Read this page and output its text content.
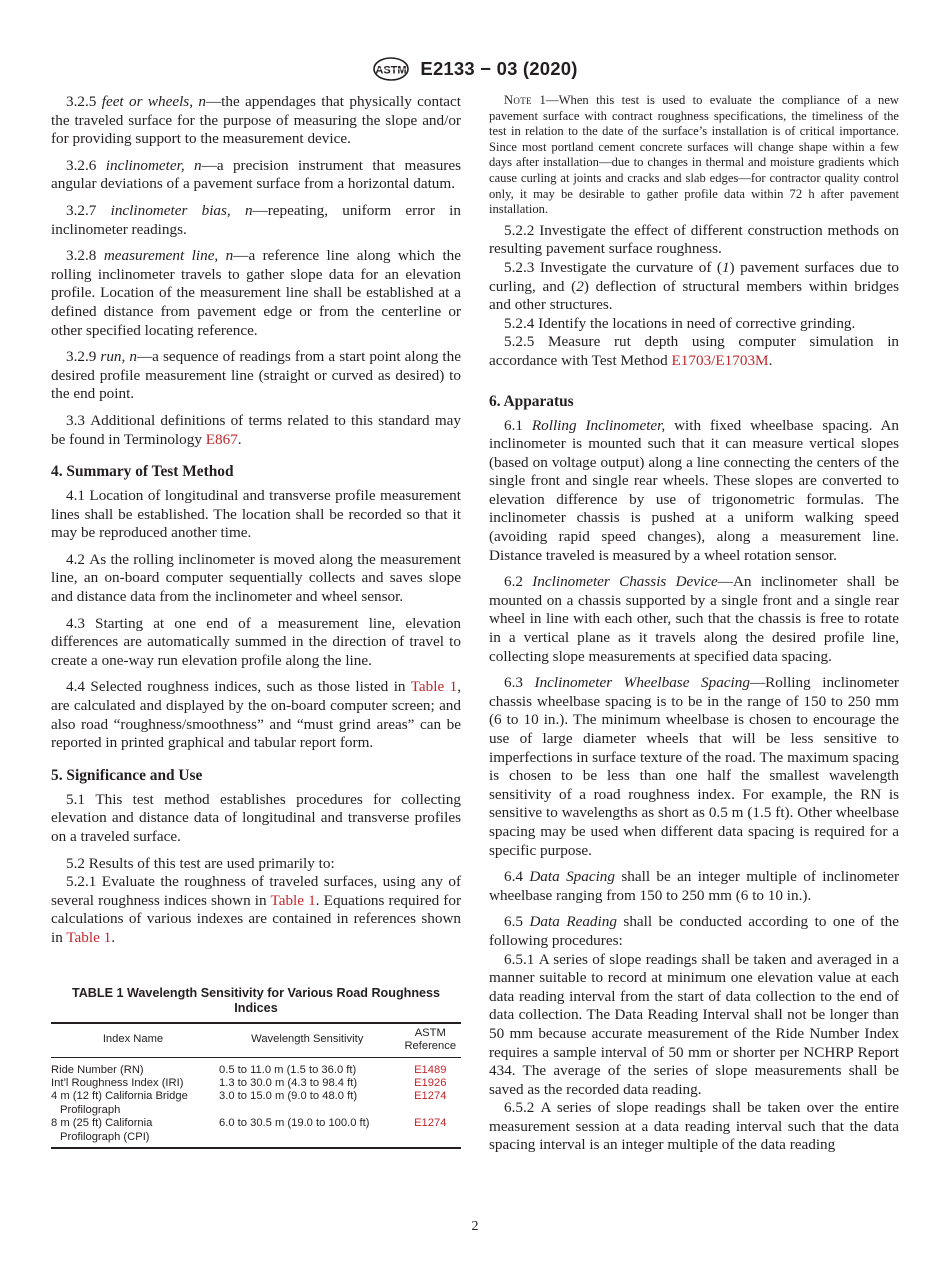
ASTM E2133 − 03 (2020)

3.2.5 feet or wheels, n—the appendages that physically contact the traveled surface for the purpose of measuring the slope and/or for providing support to the measurement device.

3.2.6 inclinometer, n—a precision instrument that measures angular deviations of a pavement surface from a horizontal datum.

3.2.7 inclinometer bias, n—repeating, uniform error in inclinometer readings.

3.2.8 measurement line, n—a reference line along which the rolling inclinometer travels to gather slope data for an elevation profile. Location of the measurement line shall be established at a defined distance from pavement edge or from the centerline or other specified locating reference.

3.2.9 run, n—a sequence of readings from a start point along the desired profile measurement line (straight or curved as desired) to the end point.

3.3 Additional definitions of terms related to this standard may be found in Terminology E867.

4. Summary of Test Method

4.1 Location of longitudinal and transverse profile measurement lines shall be established. The location shall be recorded so that it may be reproduced another time.

4.2 As the rolling inclinometer is moved along the measurement line, an on-board computer sequentially collects and saves slope and distance data from the inclinometer and wheel sensor.

4.3 Starting at one end of a measurement line, elevation differences are automatically summed in the direction of travel to create a one-way run elevation profile along the line.

4.4 Selected roughness indices, such as those listed in Table 1, are calculated and displayed by the on-board computer screen; and also road “roughness/smoothness” and “must grind areas” can be reported in printed graphical and tabular report form.

5. Significance and Use

5.1 This test method establishes procedures for collecting elevation and distance data of longitudinal and transverse profiles on a traveled surface.

5.2 Results of this test are used primarily to:

5.2.1 Evaluate the roughness of traveled surfaces, using any of several roughness indices shown in Table 1. Equations required for calculations of various indexes are contained in references shown in Table 1.

TABLE 1 Wavelength Sensitivity for Various Road Roughness Indices
Index Name	Wavelength Sensitivity	ASTM Reference
Ride Number (RN)	0.5 to 11.0 m (1.5 to 36.0 ft)	E1489
Int’l Roughness Index (IRI)	1.3 to 30.0 m (4.3 to 98.4 ft)	E1926
4 m (12 ft) California Bridge Profilograph	3.0 to 15.0 m (9.0 to 48.0 ft)	E1274
8 m (25 ft) California Profilograph (CPI)	6.0 to 30.5 m (19.0 to 100.0 ft)	E1274

Note 1—When this test is used to evaluate the compliance of a new pavement surface with contract roughness specifications, the timeliness of the test in relation to the date of the surface’s installation is of critical importance. Since most portland cement concrete surfaces will change shape within a few days after installation—due to changes in thermal and moisture gradients which cause curling at joints and cracks and slab edges—for contractor quality control only, it may be desirable to gather profile data within 72 h after pavement installation.

5.2.2 Investigate the effect of different construction methods on resulting pavement surface roughness.

5.2.3 Investigate the curvature of (1) pavement surfaces due to curling, and (2) deflection of structural members within bridges and other structures.

5.2.4 Identify the locations in need of corrective grinding.

5.2.5 Measure rut depth using computer simulation in accordance with Test Method E1703/E1703M.

6. Apparatus

6.1 Rolling Inclinometer, with fixed wheelbase spacing. An inclinometer is mounted such that it can measure vertical slopes (based on voltage output) along a line connecting the centers of the single front and single rear wheels. These slopes are converted to elevation difference by use of trigonometric formulas. The inclinometer chassis is pushed at a uniform walking speed (avoiding rapid speed changes), along a measurement line. Distance traveled is measured by a wheel rotation sensor.

6.2 Inclinometer Chassis Device—An inclinometer shall be mounted on a chassis supported by a single front and a single rear wheel in line with each other, such that the chassis is free to rotate in a vertical plane as it travels along the desired profile line, collecting slope measurements at specified data spacing.

6.3 Inclinometer Wheelbase Spacing—Rolling inclinometer chassis wheelbase spacing is to be in the range of 150 to 250 mm (6 to 10 in.). The minimum wheelbase is chosen to encourage the use of large diameter wheels that will be less sensitive to imperfections in surface texture of the road. The maximum spacing is chosen to be less than one half the smallest wavelength sensitivity of a road roughness index. For example, the RN is sensitive to wavelengths as short as 0.5 m (1.5 ft). Other wheelbase spacing may be used when different data spacing is required for a specific purpose.

6.4 Data Spacing shall be an integer multiple of inclinometer wheelbase ranging from 150 to 250 mm (6 to 10 in.).

6.5 Data Reading shall be conducted according to one of the following procedures:

6.5.1 A series of slope readings shall be taken and averaged in a manner suitable to record at minimum one elevation value at each data reading interval from the start of data collection to the end of data collection. The Data Reading Interval shall not be longer than 50 mm because accurate measurement of the Ride Number Index requires a sample interval of 50 mm or shorter per NCHRP Report 434. The average of the series of slope measurements shall be saved as the recorded data reading.

6.5.2 A series of slope readings shall be taken over the entire measurement session at a data reading interval such that the data spacing interval is an integer multiple of the data reading

2
